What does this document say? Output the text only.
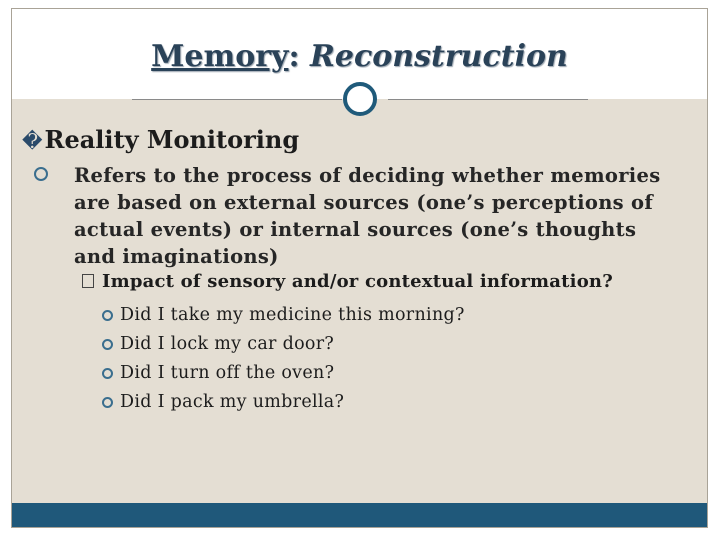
Memory: Reconstruction
�Reality Monitoring
Refers to the process of deciding whether memories are based on external sources (one’s perceptions of actual events) or internal sources (one’s thoughts and imaginations)
Impact of sensory and/or contextual information?
Did I take my medicine this morning?
Did I lock my car door?
Did I turn off the oven?
Did I pack my umbrella?
